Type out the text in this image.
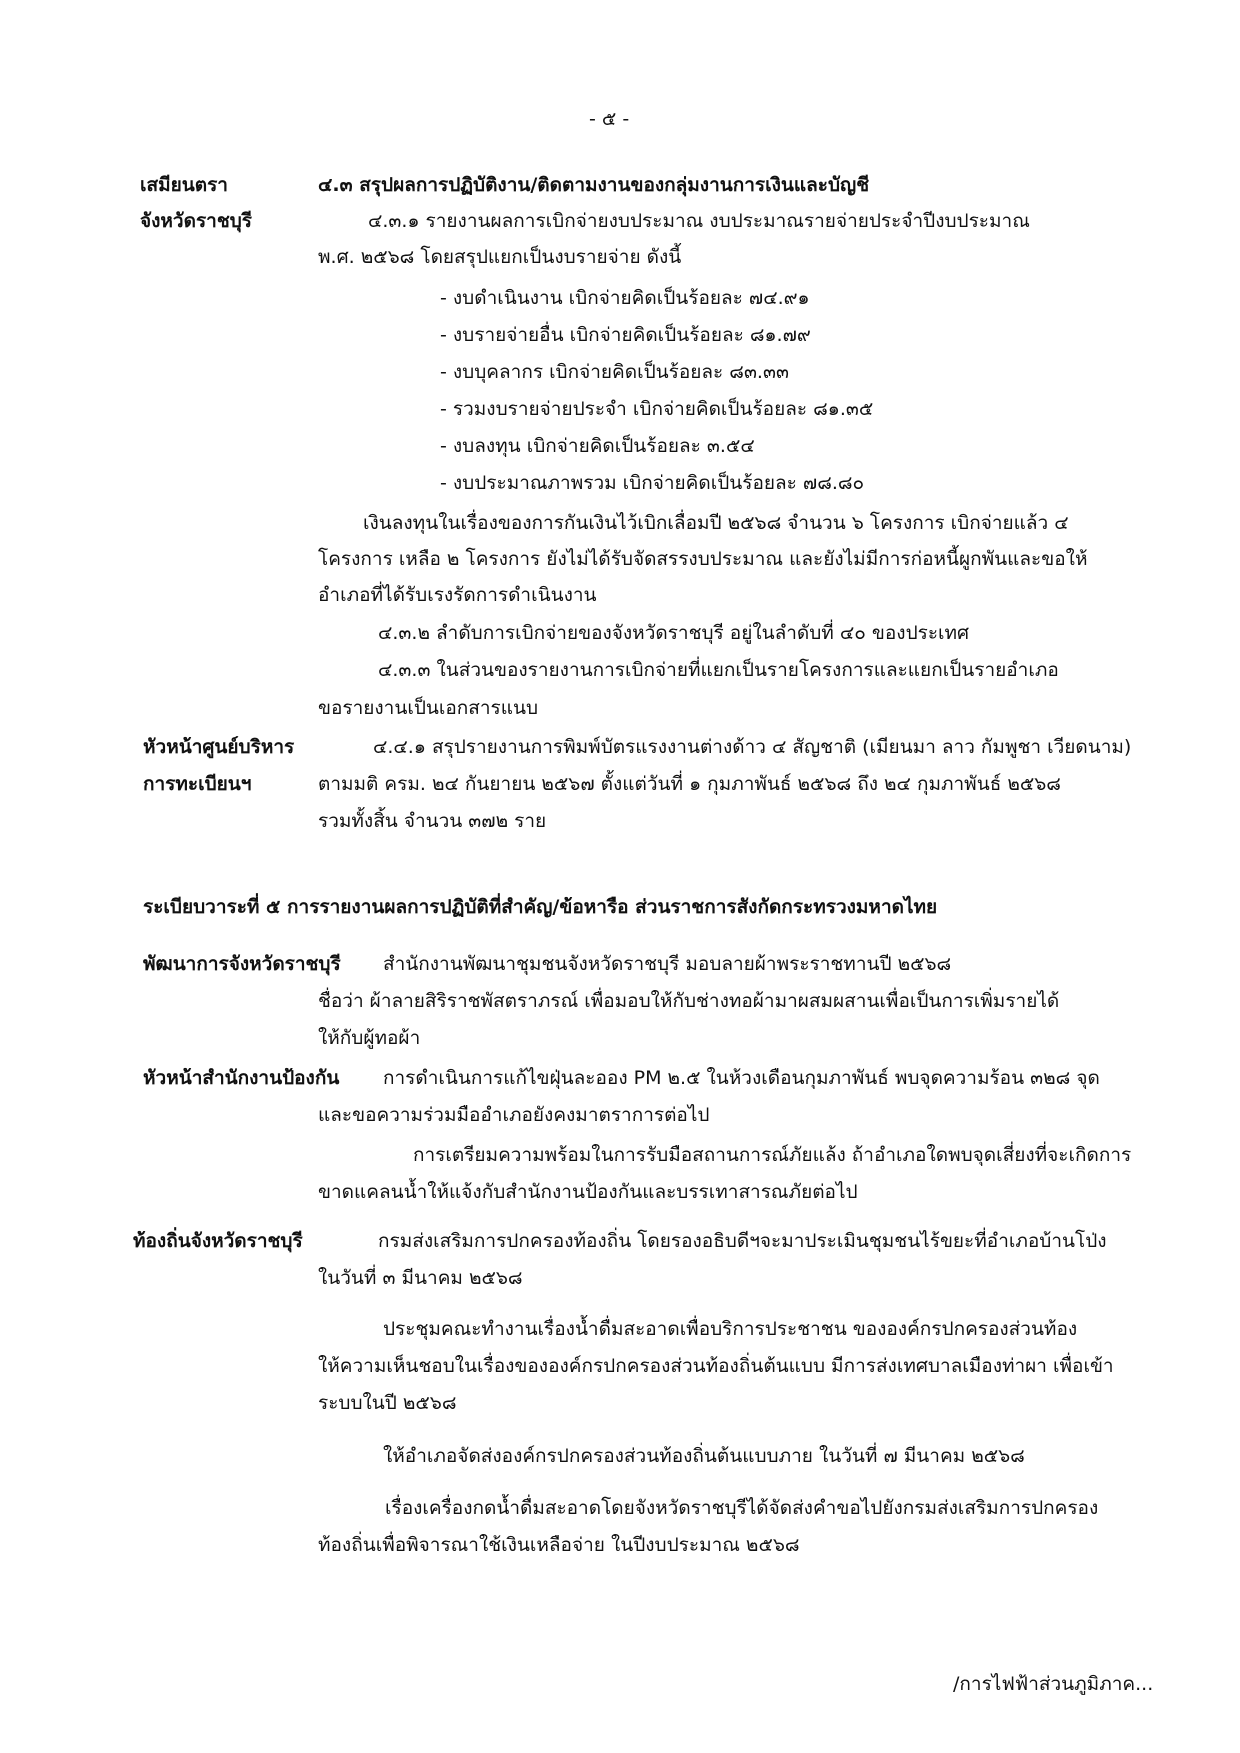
- ๕ -
เสมียนตรา
จังหวัดราชบุรี
๔.๓ สรุปผลการปฏิบัติงาน/ติดตามงานของกลุ่มงานการเงินและบัญชี
๔.๓.๑ รายงานผลการเบิกจ่ายงบประมาณ งบประมาณรายจ่ายประจำปีงบประมาณ
พ.ศ. ๒๕๖๘ โดยสรุปแยกเป็นงบรายจ่าย ดังนี้
- งบดำเนินงาน เบิกจ่ายคิดเป็นร้อยละ ๗๔.๙๑
- งบรายจ่ายอื่น เบิกจ่ายคิดเป็นร้อยละ ๘๑.๗๙
- งบบุคลากร เบิกจ่ายคิดเป็นร้อยละ ๘๓.๓๓
- รวมงบรายจ่ายประจำ เบิกจ่ายคิดเป็นร้อยละ ๘๑.๓๕
- งบลงทุน เบิกจ่ายคิดเป็นร้อยละ ๓.๕๔
- งบประมาณภาพรวม เบิกจ่ายคิดเป็นร้อยละ ๗๘.๘๐
เงินลงทุนในเรื่องของการกันเงินไว้เบิกเลื่อมปี ๒๕๖๘ จำนวน ๖ โครงการ เบิกจ่ายแล้ว ๔
โครงการ เหลือ ๒ โครงการ ยังไม่ได้รับจัดสรรงบประมาณ และยังไม่มีการก่อหนี้ผูกพันและขอให้
อำเภอที่ได้รับเรงรัดการดำเนินงาน
๔.๓.๒ ลำดับการเบิกจ่ายของจังหวัดราชบุรี อยู่ในลำดับที่ ๔๐ ของประเทศ
๔.๓.๓ ในส่วนของรายงานการเบิกจ่ายที่แยกเป็นรายโครงการและแยกเป็นรายอำเภอ
ขอรายงานเป็นเอกสารแนบ
หัวหน้าศูนย์บริหาร
การทะเบียนฯ
๔.๔.๑ สรุปรายงานการพิมพ์บัตรแรงงานต่างด้าว ๔ สัญชาติ (เมียนมา ลาว กัมพูชา เวียดนาม)
ตามมติ ครม. ๒๔ กันยายน ๒๕๖๗ ตั้งแต่วันที่ ๑ กุมภาพันธ์ ๒๕๖๘ ถึง ๒๔ กุมภาพันธ์ ๒๕๖๘
รวมทั้งสิ้น จำนวน ๓๗๒ ราย
ระเบียบวาระที่ ๕ การรายงานผลการปฏิบัติที่สำคัญ/ข้อหารือ ส่วนราชการสังกัดกระทรวงมหาดไทย
พัฒนาการจังหวัดราชบุรี สำนักงานพัฒนาชุมชนจังหวัดราชบุรี มอบลายผ้าพระราชทานปี ๒๕๖๘
ชื่อว่า ผ้าลายสิริราชพัสตราภรณ์ เพื่อมอบให้กับช่างทอผ้ามาผสมผสานเพื่อเป็นการเพิ่มรายได้
ให้กับผู้ทอผ้า
หัวหน้าสำนักงานป้องกัน การดำเนินการแก้ไขฝุ่นละออง PM ๒.๕ ในห้วงเดือนกุมภาพันธ์ พบจุดความร้อน ๓๒๘ จุด
และขอความร่วมมืออำเภอยังคงมาตราการต่อไป
การเตรียมความพร้อมในการรับมือสถานการณ์ภัยแล้ง ถ้าอำเภอใดพบจุดเสี่ยงที่จะเกิดการ
ขาดแคลนน้ำให้แจ้งกับสำนักงานป้องกันและบรรเทาสารณภัยต่อไป
ท้องถิ่นจังหวัดราชบุรี	กรมส่งเสริมการปกครองท้องถิ่น โดยรองอธิบดีฯจะมาประเมินชุมชนไร้ขยะที่อำเภอบ้านโป่ง
ในวันที่ ๓ มีนาคม ๒๕๖๘
ประชุมคณะทำงานเรื่องน้ำดื่มสะอาดเพื่อบริการประชาชน ขององค์กรปกครองส่วนท้อง
ให้ความเห็นชอบในเรื่องขององค์กรปกครองส่วนท้องถิ่นต้นแบบ มีการส่งเทศบาลเมืองท่าผา เพื่อเข้า
ระบบในปี ๒๕๖๘
ให้อำเภอจัดส่งองค์กรปกครองส่วนท้องถิ่นต้นแบบภาย ในวันที่ ๗ มีนาคม ๒๕๖๘
เรื่องเครื่องกดน้ำดื่มสะอาดโดยจังหวัดราชบุรีได้จัดส่งคำขอไปยังกรมส่งเสริมการปกครอง
ท้องถิ่นเพื่อพิจารณาใช้เงินเหลือจ่าย ในปีงบประมาณ ๒๕๖๘
/การไฟฟ้าส่วนภูมิภาค...
